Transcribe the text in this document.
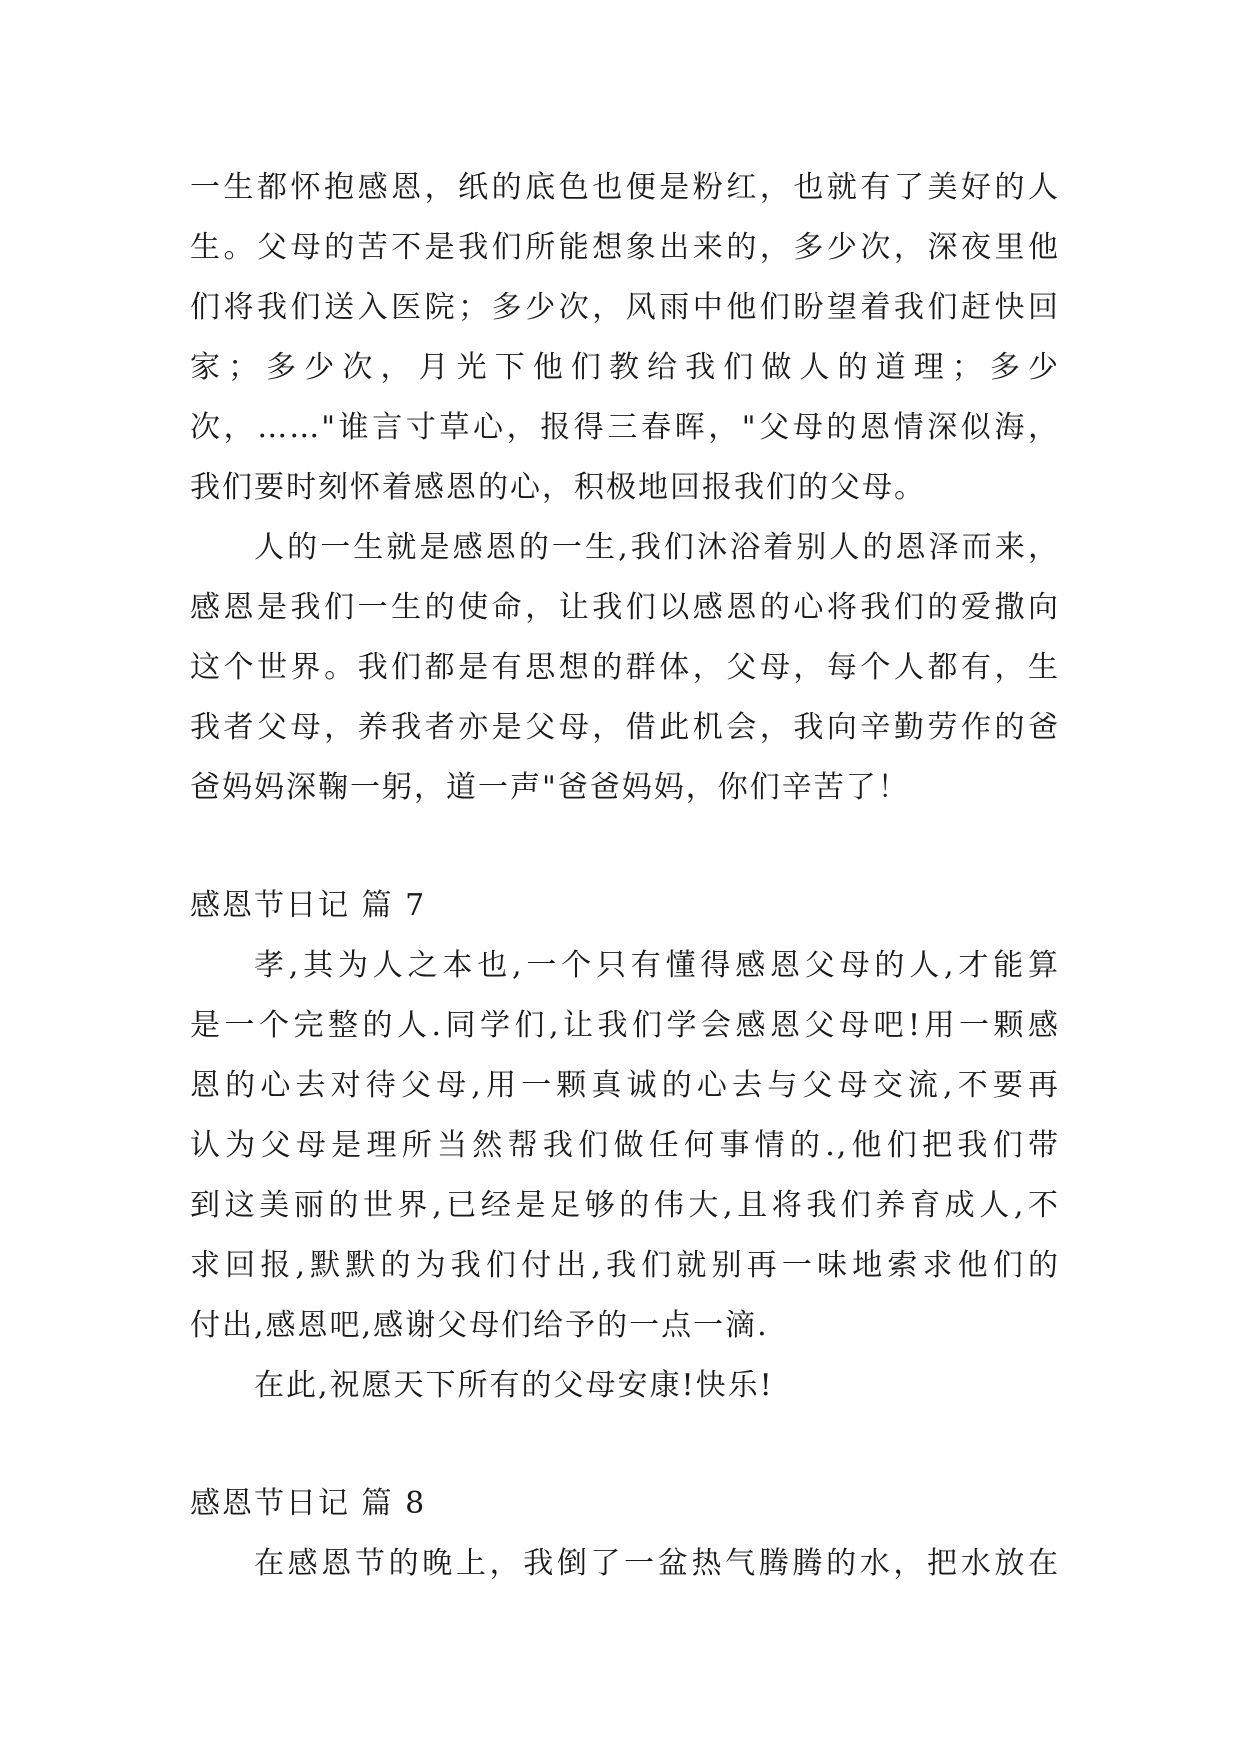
一生都怀抱感恩，纸的底色也便是粉红，也就有了美好的人
生。父母的苦不是我们所能想象出来的，多少次，深夜里他
们将我们送入医院；多少次，风雨中他们盼望着我们赶快回
家；多少次，月光下他们教给我们做人的道理；多少
次，……"谁言寸草心，报得三春晖，"父母的恩情深似海，
我们要时刻怀着感恩的心，积极地回报我们的父母。
人的一生就是感恩的一生,我们沐浴着别人的恩泽而来，
感恩是我们一生的使命，让我们以感恩的心将我们的爱撒向
这个世界。我们都是有思想的群体，父母，每个人都有，生
我者父母，养我者亦是父母，借此机会，我向辛勤劳作的爸
爸妈妈深鞠一躬，道一声"爸爸妈妈，你们辛苦了！
感恩节日记 篇 7
孝,其为人之本也,一个只有懂得感恩父母的人,才能算
是一个完整的人.同学们,让我们学会感恩父母吧!用一颗感
恩的心去对待父母,用一颗真诚的心去与父母交流,不要再
认为父母是理所当然帮我们做任何事情的.,他们把我们带
到这美丽的世界,已经是足够的伟大,且将我们养育成人,不
求回报,默默的为我们付出,我们就别再一味地索求他们的
付出,感恩吧,感谢父母们给予的一点一滴.
在此,祝愿天下所有的父母安康!快乐!
感恩节日记 篇 8
在感恩节的晚上，我倒了一盆热气腾腾的水，把水放在
